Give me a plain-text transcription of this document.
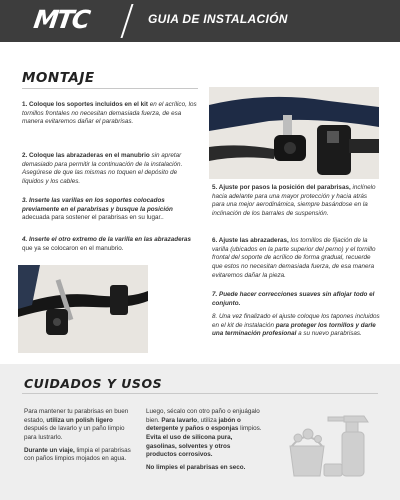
MTC	GUIA DE INSTALACIÓN
MONTAJE
1. Coloque los soportes incluidos en el kit en el acrílico, los tornillos frontales no necesitan demasiada fuerza, de esa manera evitaremos dañar el parabrisas.
2. Coloque las abrazaderas en el manubrio sin apretar demasiado para permitir la continuación de la instalación. Asegúrese de que las mismas no toquen el depósito de líquidos y los cables.
3. Inserte las varillas en los soportes colocados previamente en el parabrisas y busque la posición adecuada para sostener el parabrisas en su lugar..
4. Inserte el otro extremo de la varilla en las abrazaderas que ya se colocaron en el manubrio.
5. Ajuste por pasos la posición del parabrisas, inclínelo hacia adelante para una mayor protección y hacia atrás para una mejor aerodinámica, siempre basándose en la inclinación de los barrales de suspensión.
6. Ajuste las abrazaderas, los tornillos de fijación de la varilla (ubicados en la parte superior del perno) y el tornillo frontal del soporte de acrílico de forma gradual, recuerde que estos no necesitan demasiada fuerza, de esa manera evitaremos dañar la pieza.
7. Puede hacer correcciones suaves sin aflojar todo el conjunto.
8. Una vez finalizado el ajuste coloque los tapones incluidos en el kit de instalación para proteger los tornillos y darle una terminación profesional a su nuevo parabrisas.
CUIDADOS Y USOS

Para mantener tu parabrisas en buen estado, utiliza un polish ligero después de lavarlo y un paño limpio para lustrarlo.

Durante un viaje, limpia el parabrisas con paños limpios mojados en agua.

Luego, sécalo con otro paño o enjuágalo bien. Para lavarlo, utiliza jabón o detergente y paños o esponjas limpios. Evita el uso de silicona pura, gasolinas, solventes y otros productos corrosivos.

No limpies el parabrisas en seco.
